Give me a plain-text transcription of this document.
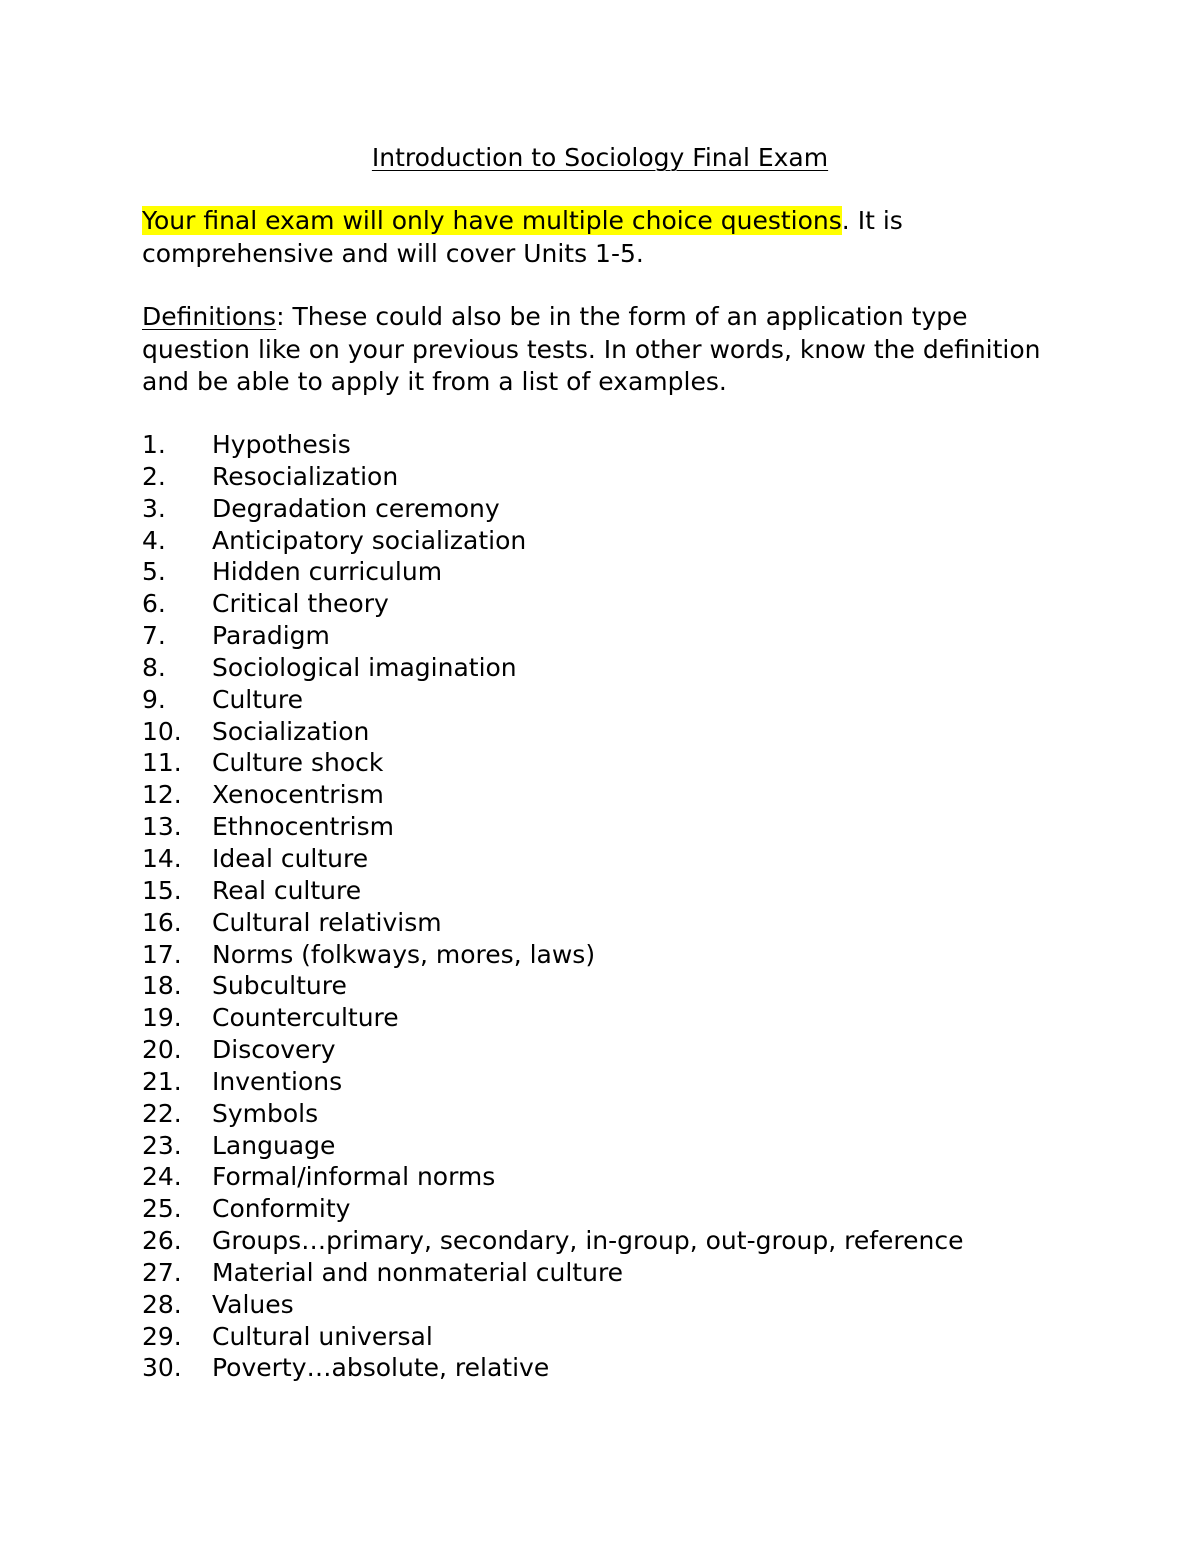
Introduction to Sociology Final Exam

Your final exam will only have multiple choice questions. It is comprehensive and will cover Units 1-5.

Definitions: These could also be in the form of an application type question like on your previous tests. In other words, know the definition and be able to apply it from a list of examples.

1.	Hypothesis
2.	Resocialization
3.	Degradation ceremony
4.	Anticipatory socialization
5.	Hidden curriculum
6.	Critical theory
7.	Paradigm
8.	Sociological imagination
9.	Culture
10.	Socialization
11.	Culture shock
12.	Xenocentrism
13.	Ethnocentrism
14.	Ideal culture
15.	Real culture
16.	Cultural relativism
17.	Norms (folkways, mores, laws)
18.	Subculture
19.	Counterculture
20.	Discovery
21.	Inventions
22.	Symbols
23.	Language
24.	Formal/informal norms
25.	Conformity
26.	Groups…primary, secondary, in-group, out-group, reference
27.	Material and nonmaterial culture
28.	Values
29.	Cultural universal
30.	Poverty…absolute, relative
